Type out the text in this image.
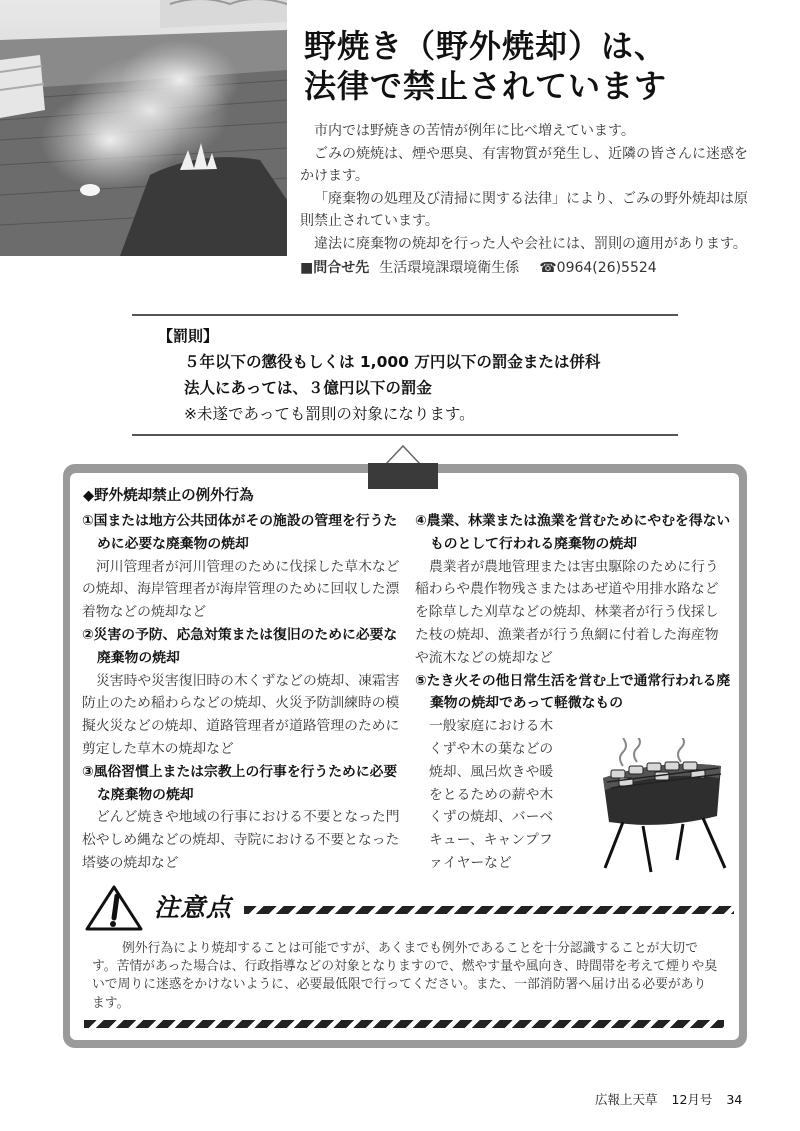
野焼き（野外焼却）は、
法律で禁止されています

市内では野焼きの苦情が例年に比べ増えています。

ごみの焼焼は、煙や悪臭、有害物質が発生し、近隣の皆さんに迷惑をかけます。

「廃棄物の処理及び清掃に関する法律」により、ごみの野外焼却は原則禁止されています。

違法に廃棄物の焼却を行った人や会社には、罰則の適用があります。

■問合せ先 生活環境課環境衛生係 ☎0964(26)5524

【罰則】
５年以下の懲役もしくは 1,000 万円以下の罰金または併科
法人にあっては、３億円以下の罰金
※未遂であっても罰則の対象になります。
◆野外焼却禁止の例外行為
①国または地方公共団体がその施設の管理を行うために必要な廃棄物の焼却
河川管理者が河川管理のために伐採した草木などの焼却、海岸管理者が海岸管理のために回収した漂着物などの焼却など
②災害の予防、応急対策または復旧のために必要な廃棄物の焼却
災害時や災害復旧時の木くずなどの焼却、凍霜害防止のため稲わらなどの焼却、火災予防訓練時の模擬火災などの焼却、道路管理者が道路管理のために剪定した草木の焼却など
③風俗習慣上または宗教上の行事を行うために必要な廃棄物の焼却
どんど焼きや地域の行事における不要となった門松やしめ縄などの焼却、寺院における不要となった塔婆の焼却など
④農業、林業または漁業を営むためにやむを得ないものとして行われる廃棄物の焼却
農業者が農地管理または害虫駆除のために行う稲わらや農作物残さまたはあぜ道や用排水路などを除草した刈草などの焼却、林業者が行う伐採した枝の焼却、漁業者が行う魚網に付着した海産物や流木などの焼却など
⑤たき火その他日常生活を営む上で通常行われる廃棄物の焼却であって軽微なもの
一般家庭における木くずや木の葉などの焼却、風呂炊きや暖をとるための薪や木くずの焼却、バーベキュー、キャンプファイヤーなど
注意点

例外行為により焼却することは可能ですが、あくまでも例外であることを十分認識することが大切です。苦情があった場合は、行政指導などの対象となりますので、燃やす量や風向き、時間帯を考えて煙りや臭いで周りに迷惑をかけないように、必要最低限で行ってください。また、一部消防署へ届け出る必要があります。

広報上天草 12月号 34
